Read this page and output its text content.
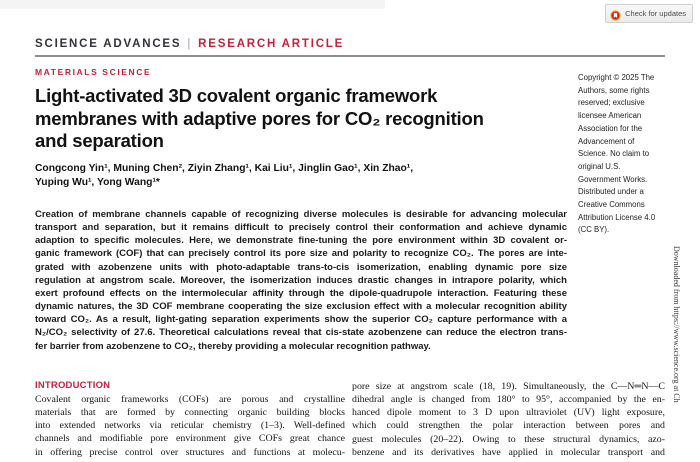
Check for updates
SCIENCE ADVANCES | RESEARCH ARTICLE
MATERIALS SCIENCE
Copyright © 2025 The
Authors, some rights
reserved; exclusive
licensee American
Association for the
Advancement of
Science. No claim to
original U.S.
Government Works.
Distributed under a
Creative Commons
Attribution License 4.0
(CC BY).
Light-activated 3D covalent organic framework
membranes with adaptive pores for CO₂ recognition
and separation
Congcong Yin¹, Muning Chen², Ziyin Zhang¹, Kai Liu¹, Jinglin Gao¹, Xin Zhao¹,
Yuping Wu¹, Yong Wang¹*
Creation of membrane channels capable of recognizing diverse molecules is desirable for advancing molecular
transport and separation, but it remains difficult to precisely control their conformation and achieve dynamic
adaption to specific molecules. Here, we demonstrate fine-tuning the pore environment within 3D covalent or-
ganic framework (COF) that can precisely control its pore size and polarity to recognize CO₂. The pores are inte-
grated with azobenzene units with photo-adaptable trans-to-cis isomerization, enabling dynamic pore size
regulation at angstrom scale. Moreover, the isomerization induces drastic changes in intrapore polarity, which
exert profound effects on the intermolecular affinity through the dipole-quadrupole interaction. Featuring these
dynamic natures, the 3D COF membrane cooperating the size exclusion effect with a molecular recognition ability
toward CO₂. As a result, light-gating separation experiments show the superior CO₂ capture performance with a
N₂/CO₂ selectivity of 27.6. Theoretical calculations reveal that cis-state azobenzene can reduce the electron trans-
fer barrier from azobenzene to CO₂, thereby providing a molecular recognition pathway.
INTRODUCTION
Covalent organic frameworks (COFs) are porous and crystalline
materials that are formed by connecting organic building blocks
into extended networks via reticular chemistry (1–3). Well-defined
channels and modifiable pore environment give COFs great chance
in offering precise control over structures and functions at molecu-
pore size at angstrom scale (18, 19). Simultaneously, the C—N═N—C
dihedral angle is changed from 180° to 95°, accompanied by the en-
hanced dipole moment to 3 D upon ultraviolet (UV) light exposure,
which could strengthen the polar interaction between pores and
guest molecules (20–22). Owing to these structural dynamics, azo-
benzene and its derivatives have applied in molecular transport and
Downloaded from https://www.science.org at Ch
